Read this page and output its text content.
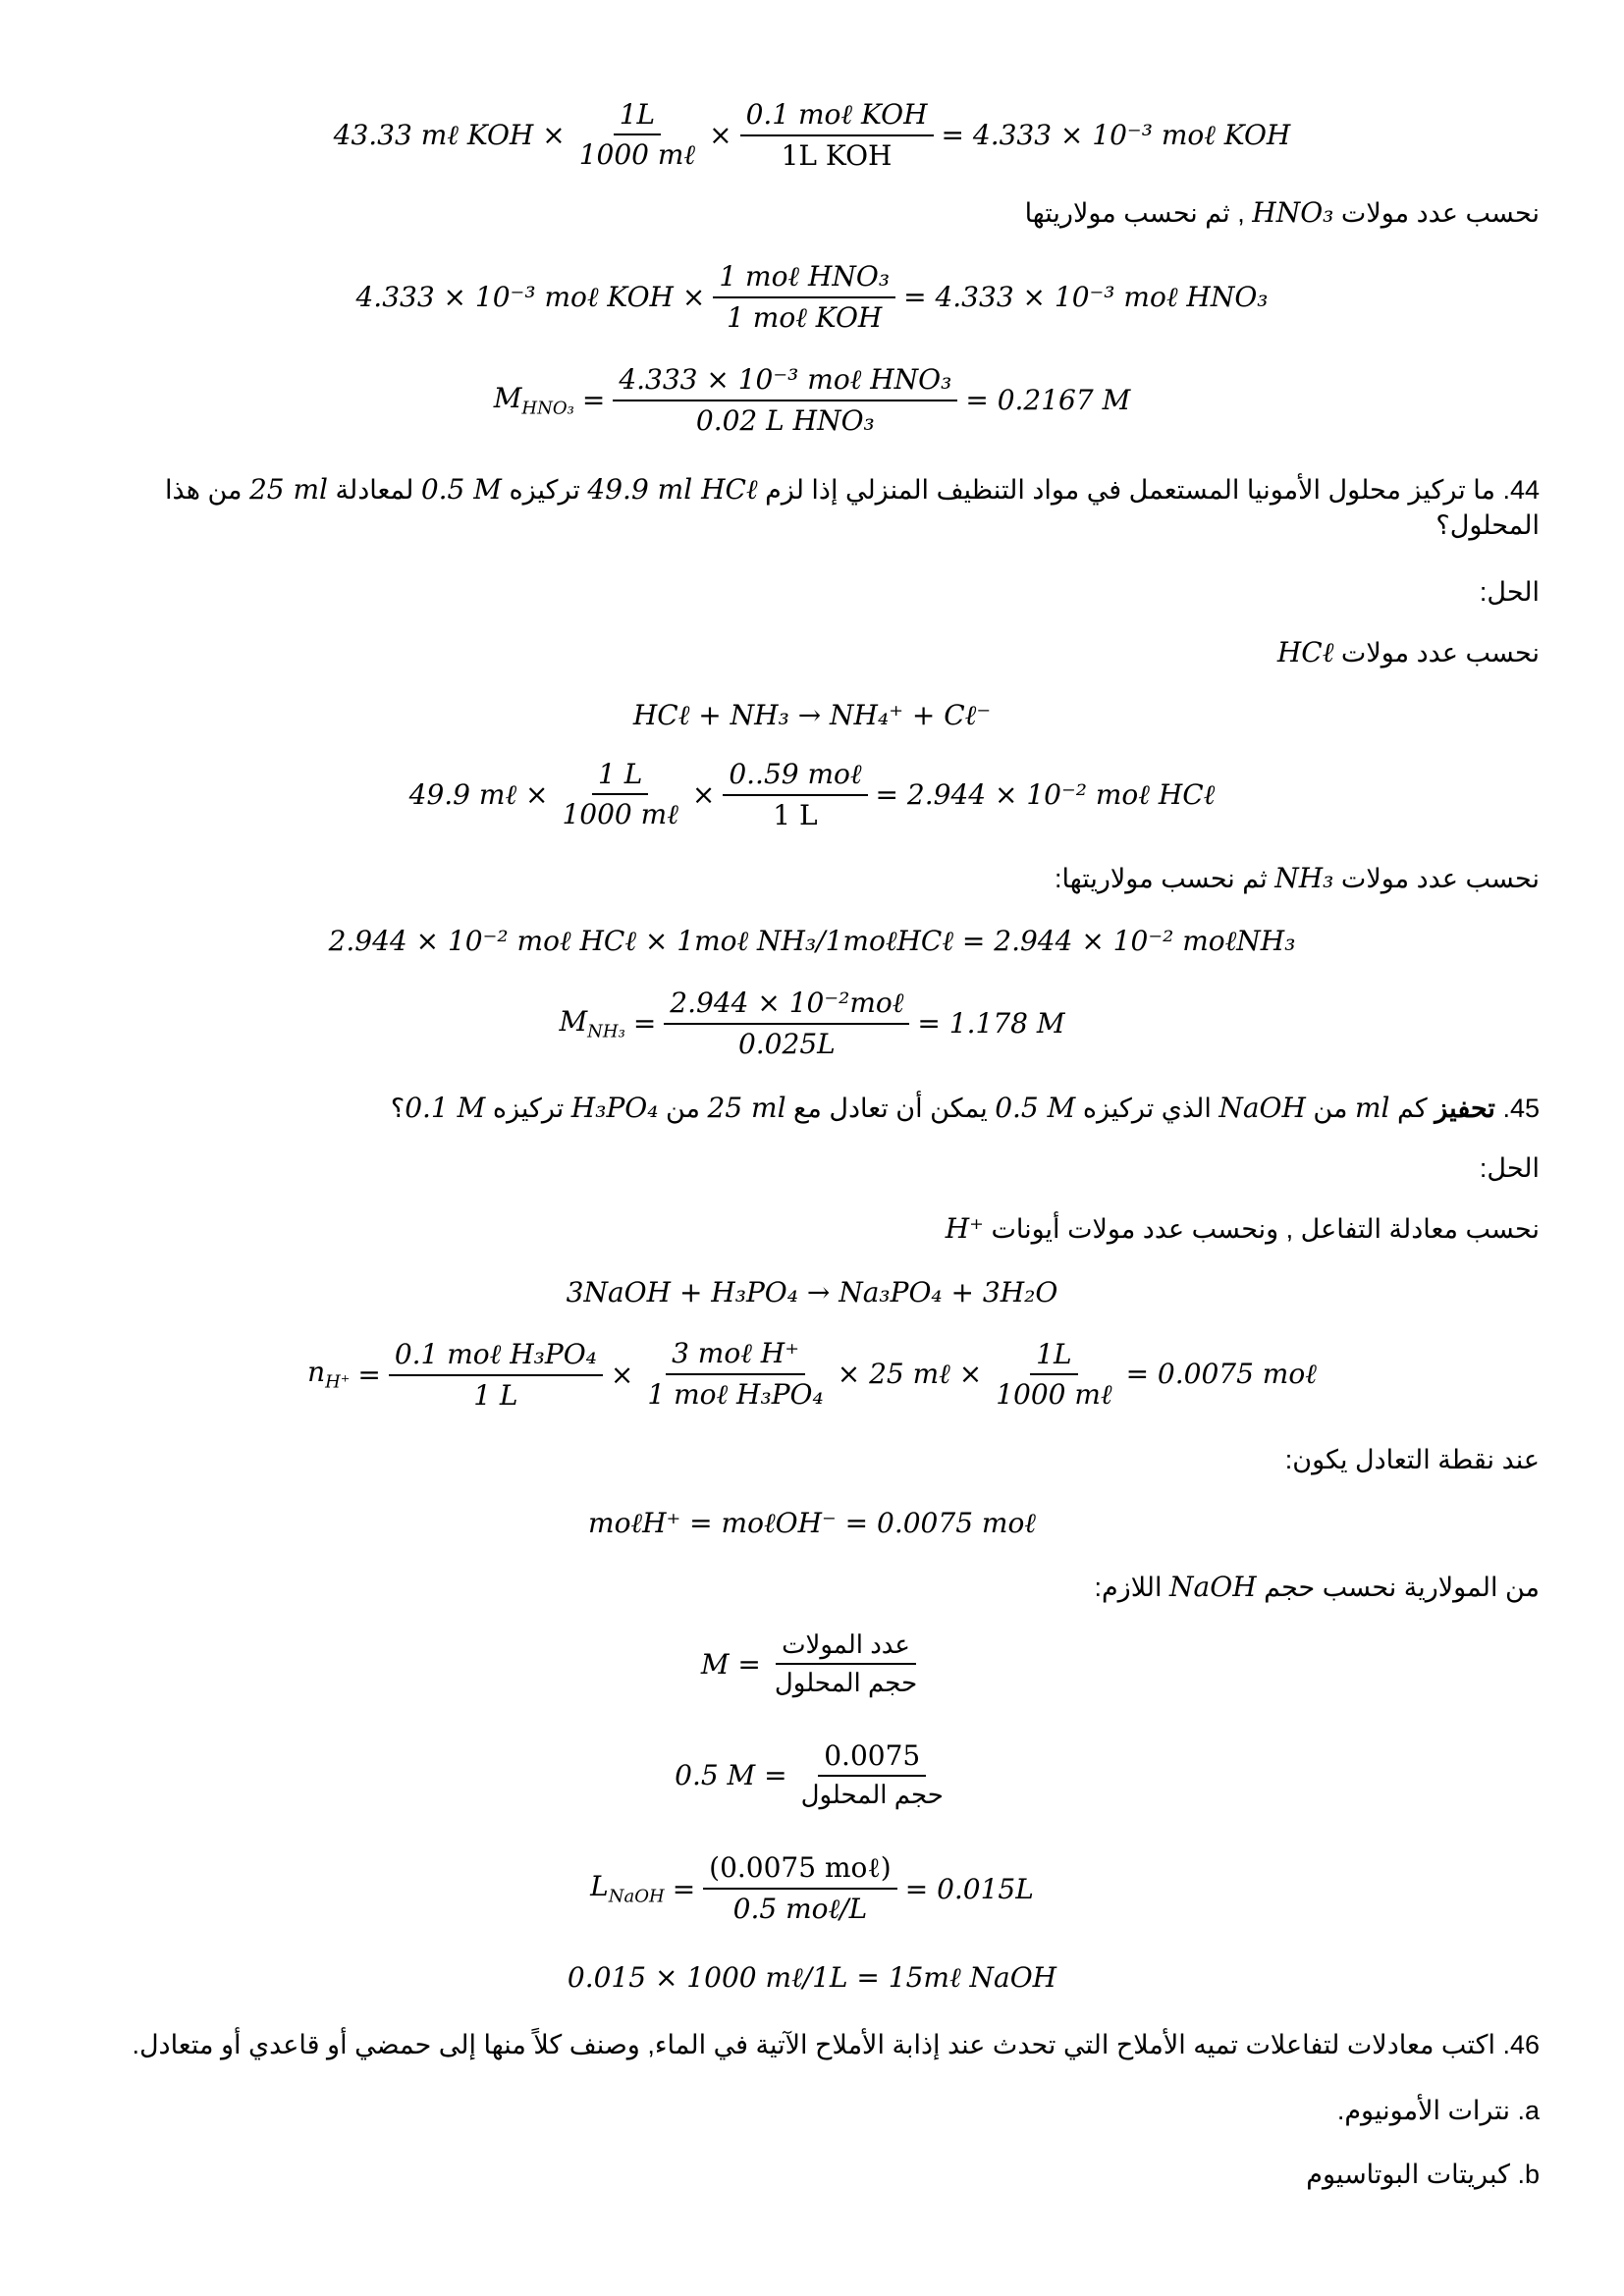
43.33 mℓ KOH × $\frac{1L}{\text{1000 mℓ}} \times \frac{\text{0.1 moℓ KOH}}{\text{1L KOH}} = 4.333 \times 10^{-3}$ moℓ KOH
نحسب عدد مولات HNO₃ , ثم نحسب مولاريتها
4.333 × 10⁻³ moℓ KOH × $\frac{\text{1 moℓ HNO₃}}{\text{1 moℓ KOH}} = 4.333 \times 10^{-3}$ moℓ HNO₃
$M_{HNO_3} = \frac{\text{4.333 × 10⁻³ moℓ HNO₃}}{\text{0.02 L HNO₃}} = 0.2167$ M
44. ما تركيز محلول الأمونيا المستعمل في مواد التنظيف المنزلي إذا لزم 49.9 ml HCℓ تركيزه 0.5 M لمعادلة 25 ml من هذا
المحلول؟
الحل:
نحسب عدد مولات HCℓ
HCℓ + NH₃ → NH₄⁺ + Cℓ⁻
49.9 mℓ × $\frac{1 L}{\text{1000 mℓ}} \times \frac{\text{0..59 moℓ}}{1 L} = 2.944 \times 10^{-2}$ moℓ HCℓ
نحسب عدد مولات NH₃ ثم نحسب مولاريتها:
2.944 × 10⁻² moℓ HCℓ × 1moℓ NH₃/1moℓHCℓ = 2.944 × 10⁻² moℓNH₃
$M_{NH_3} = \frac{\text{2.944 × 10⁻²moℓ}}{0.025L} = 1.178$ M
45. تحفيز كم ml من NaOH الذي تركيزه 0.5 M يمكن أن تعادل مع 25 ml من H₃PO₄ تركيزه 0.1 M؟
الحل:
نحسب معادلة التفاعل , ونحسب عدد مولات أيونات H⁺
3NaOH + H₃PO₄ → Na₃PO₄ + 3H₂O
$n_{H^+} = \frac{\text{0.1 moℓ H₃PO₄}}{1 L} \times \frac{\text{3 moℓ H⁺}}{\text{1 moℓ H₃PO₄}} \times 25$ mℓ × $\frac{1L}{\text{1000 mℓ}} = 0.0075$ moℓ
عند نقطة التعادل يكون:
moℓH⁺ = moℓOH⁻ = 0.0075 moℓ
من المولارية نحسب حجم NaOH اللازم:
$M = \frac{\text{عدد المولات}}{\text{حجم المحلول}}$
0.5 $M = \frac{0.0075}{\text{حجم المحلول}}$
$L_{NaOH} = \frac{\text{(0.0075 moℓ)}}{\text{0.5 moℓ/L}} = 0.015L$
0.015 × 1000 mℓ/1L = 15mℓ NaOH
46. اكتب معادلات لتفاعلات تميه الأملاح التي تحدث عند إذابة الأملاح الآتية في الماء, وصنف كلاً منها إلى حمضي أو قاعدي أو متعادل.
a. نترات الأمونيوم.
b. كبريتات البوتاسيوم
